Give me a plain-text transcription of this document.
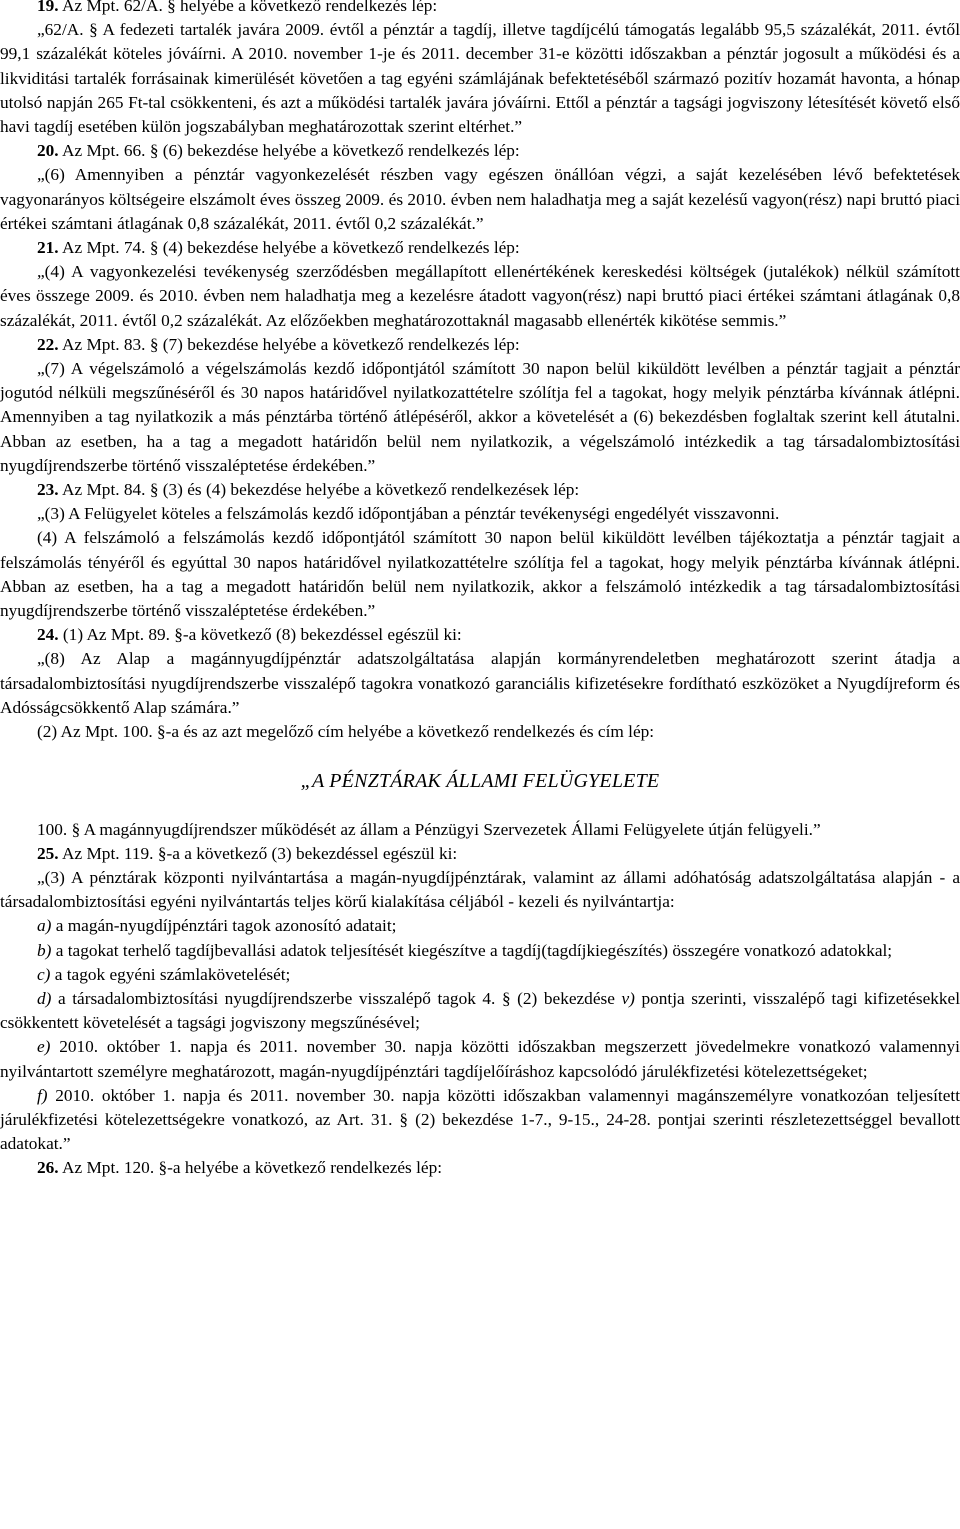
19. Az Mpt. 62/A. § helyébe a következő rendelkezés lép:

„62/A. § A fedezeti tartalék javára 2009. évtől a pénztár a tagdíj, illetve tagdíjcélú támogatás legalább 95,5 százalékát, 2011. évtől 99,1 százalékát köteles jóváírni. A 2010. november 1-je és 2011. december 31-e közötti időszakban a pénztár jogosult a működési és a likviditási tartalék forrásainak kimerülését követően a tag egyéni számlájának befektetéséből származó pozitív hozamát havonta, a hónap utolsó napján 265 Ft-tal csökkenteni, és azt a működési tartalék javára jóváírni. Ettől a pénztár a tagsági jogviszony létesítését követő első havi tagdíj esetében külön jogszabályban meghatározottak szerint eltérhet.”

20. Az Mpt. 66. § (6) bekezdése helyébe a következő rendelkezés lép:

„(6) Amennyiben a pénztár vagyonkezelését részben vagy egészen önállóan végzi, a saját kezelésében lévő befektetések vagyonarányos költségeire elszámolt éves összeg 2009. és 2010. évben nem haladhatja meg a saját kezelésű vagyon(rész) napi bruttó piaci értékei számtani átlagának 0,8 százalékát, 2011. évtől 0,2 százalékát.”

21. Az Mpt. 74. § (4) bekezdése helyébe a következő rendelkezés lép:

„(4) A vagyonkezelési tevékenység szerződésben megállapított ellenértékének kereskedési költségek (jutalékok) nélkül számított éves összege 2009. és 2010. évben nem haladhatja meg a kezelésre átadott vagyon(rész) napi bruttó piaci értékei számtani átlagának 0,8 százalékát, 2011. évtől 0,2 százalékát. Az előzőekben meghatározottaknál magasabb ellenérték kikötése semmis.”

22. Az Mpt. 83. § (7) bekezdése helyébe a következő rendelkezés lép:

„(7) A végelszámoló a végelszámolás kezdő időpontjától számított 30 napon belül kiküldött levélben a pénztár tagjait a pénztár jogutód nélküli megszűnéséről és 30 napos határidővel nyilatkozattételre szólítja fel a tagokat, hogy melyik pénztárba kívánnak átlépni. Amennyiben a tag nyilatkozik a más pénztárba történő átlépéséről, akkor a követelését a (6) bekezdésben foglaltak szerint kell átutalni. Abban az esetben, ha a tag a megadott határidőn belül nem nyilatkozik, a végelszámoló intézkedik a tag társadalombiztosítási nyugdíjrendszerbe történő visszaléptetése érdekében.”

23. Az Mpt. 84. § (3) és (4) bekezdése helyébe a következő rendelkezések lép:

„(3) A Felügyelet köteles a felszámolás kezdő időpontjában a pénztár tevékenységi engedélyét visszavonni.

(4) A felszámoló a felszámolás kezdő időpontjától számított 30 napon belül kiküldött levélben tájékoztatja a pénztár tagjait a felszámolás tényéről és egyúttal 30 napos határidővel nyilatkozattételre szólítja fel a tagokat, hogy melyik pénztárba kívánnak átlépni. Abban az esetben, ha a tag a megadott határidőn belül nem nyilatkozik, akkor a felszámoló intézkedik a tag társadalombiztosítási nyugdíjrendszerbe történő visszaléptetése érdekében.”

24. (1) Az Mpt. 89. §-a következő (8) bekezdéssel egészül ki:

„(8) Az Alap a magánnyugdíjpénztár adatszolgáltatása alapján kormányrendeletben meghatározott szerint átadja a társadalombiztosítási nyugdíjrendszerbe visszalépő tagokra vonatkozó garanciális kifizetésekre fordítható eszközöket a Nyugdíjreform és Adósságcsökkentő Alap számára.”

(2) Az Mpt. 100. §-a és az azt megelőző cím helyébe a következő rendelkezés és cím lép:

„A PÉNZTÁRAK ÁLLAMI FELÜGYELETE

100. § A magánnyugdíjrendszer működését az állam a Pénzügyi Szervezetek Állami Felügyelete útján felügyeli.”

25. Az Mpt. 119. §-a a következő (3) bekezdéssel egészül ki:

„(3) A pénztárak központi nyilvántartása a magán-nyugdíjpénztárak, valamint az állami adóhatóság adatszolgáltatása alapján - a társadalombiztosítási egyéni nyilvántartás teljes körű kialakítása céljából - kezeli és nyilvántartja:

a) a magán-nyugdíjpénztári tagok azonosító adatait;

b) a tagokat terhelő tagdíjbevallási adatok teljesítését kiegészítve a tagdíj(tagdíjkiegészítés) összegére vonatkozó adatokkal;

c) a tagok egyéni számlakövetelését;

d) a társadalombiztosítási nyugdíjrendszerbe visszalépő tagok 4. § (2) bekezdése v) pontja szerinti, visszalépő tagi kifizetésekkel csökkentett követelését a tagsági jogviszony megszűnésével;

e) 2010. október 1. napja és 2011. november 30. napja közötti időszakban megszerzett jövedelmekre vonatkozó valamennyi nyilvántartott személyre meghatározott, magán-nyugdíjpénztári tagdíjelőíráshoz kapcsolódó járulékfizetési kötelezettségeket;

f) 2010. október 1. napja és 2011. november 30. napja közötti időszakban valamennyi magánszemélyre vonatkozóan teljesített járulékfizetési kötelezettségekre vonatkozó, az Art. 31. § (2) bekezdése 1-7., 9-15., 24-28. pontjai szerinti részletezettséggel bevallott adatokat.”

26. Az Mpt. 120. §-a helyébe a következő rendelkezés lép:
